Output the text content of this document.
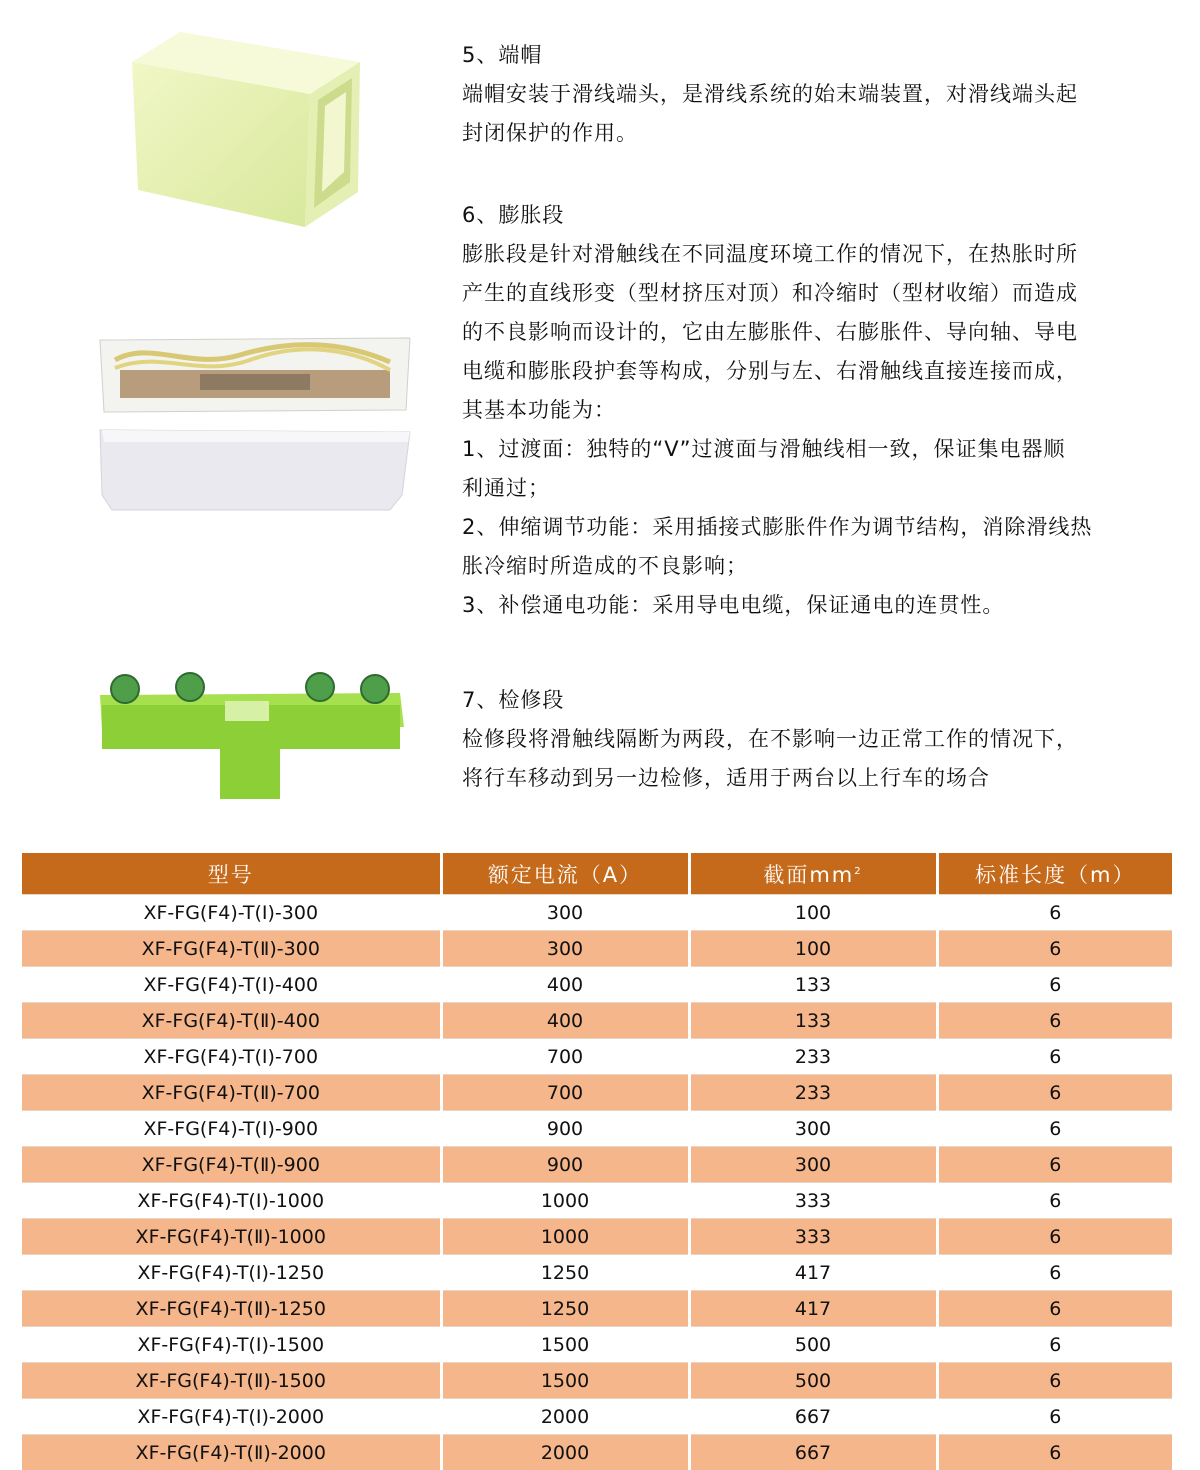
5、端帽

端帽安装于滑线端头，是滑线系统的始末端装置，对滑线端头起

封闭保护的作用。

6、膨胀段

膨胀段是针对滑触线在不同温度环境工作的情况下，在热胀时所

产生的直线形变（型材挤压对顶）和冷缩时（型材收缩）而造成

的不良影响而设计的，它由左膨胀件、右膨胀件、导向轴、导电

电缆和膨胀段护套等构成，分别与左、右滑触线直接连接而成，

其基本功能为：

1、过渡面：独特的“V”过渡面与滑触线相一致，保证集电器顺

利通过；

2、伸缩调节功能：采用插接式膨胀件作为调节结构，消除滑线热

胀冷缩时所造成的不良影响；

3、补偿通电功能：采用导电电缆，保证通电的连贯性。

7、检修段

检修段将滑触线隔断为两段，在不影响一边正常工作的情况下，

将行车移动到另一边检修，适用于两台以上行车的场合

型号	额定电流（A）	截面$mm^2$	标准长度（m）
XF-FG(F4)-T(Ⅰ)-300	300	100	6
XF-FG(F4)-T(Ⅱ)-300	300	100	6
XF-FG(F4)-T(Ⅰ)-400	400	133	6
XF-FG(F4)-T(Ⅱ)-400	400	133	6
XF-FG(F4)-T(Ⅰ)-700	700	233	6
XF-FG(F4)-T(Ⅱ)-700	700	233	6
XF-FG(F4)-T(Ⅰ)-900	900	300	6
XF-FG(F4)-T(Ⅱ)-900	900	300	6
XF-FG(F4)-T(Ⅰ)-1000	1000	333	6
XF-FG(F4)-T(Ⅱ)-1000	1000	333	6
XF-FG(F4)-T(Ⅰ)-1250	1250	417	6
XF-FG(F4)-T(Ⅱ)-1250	1250	417	6
XF-FG(F4)-T(Ⅰ)-1500	1500	500	6
XF-FG(F4)-T(Ⅱ)-1500	1500	500	6
XF-FG(F4)-T(Ⅰ)-2000	2000	667	6
XF-FG(F4)-T(Ⅱ)-2000	2000	667	6
